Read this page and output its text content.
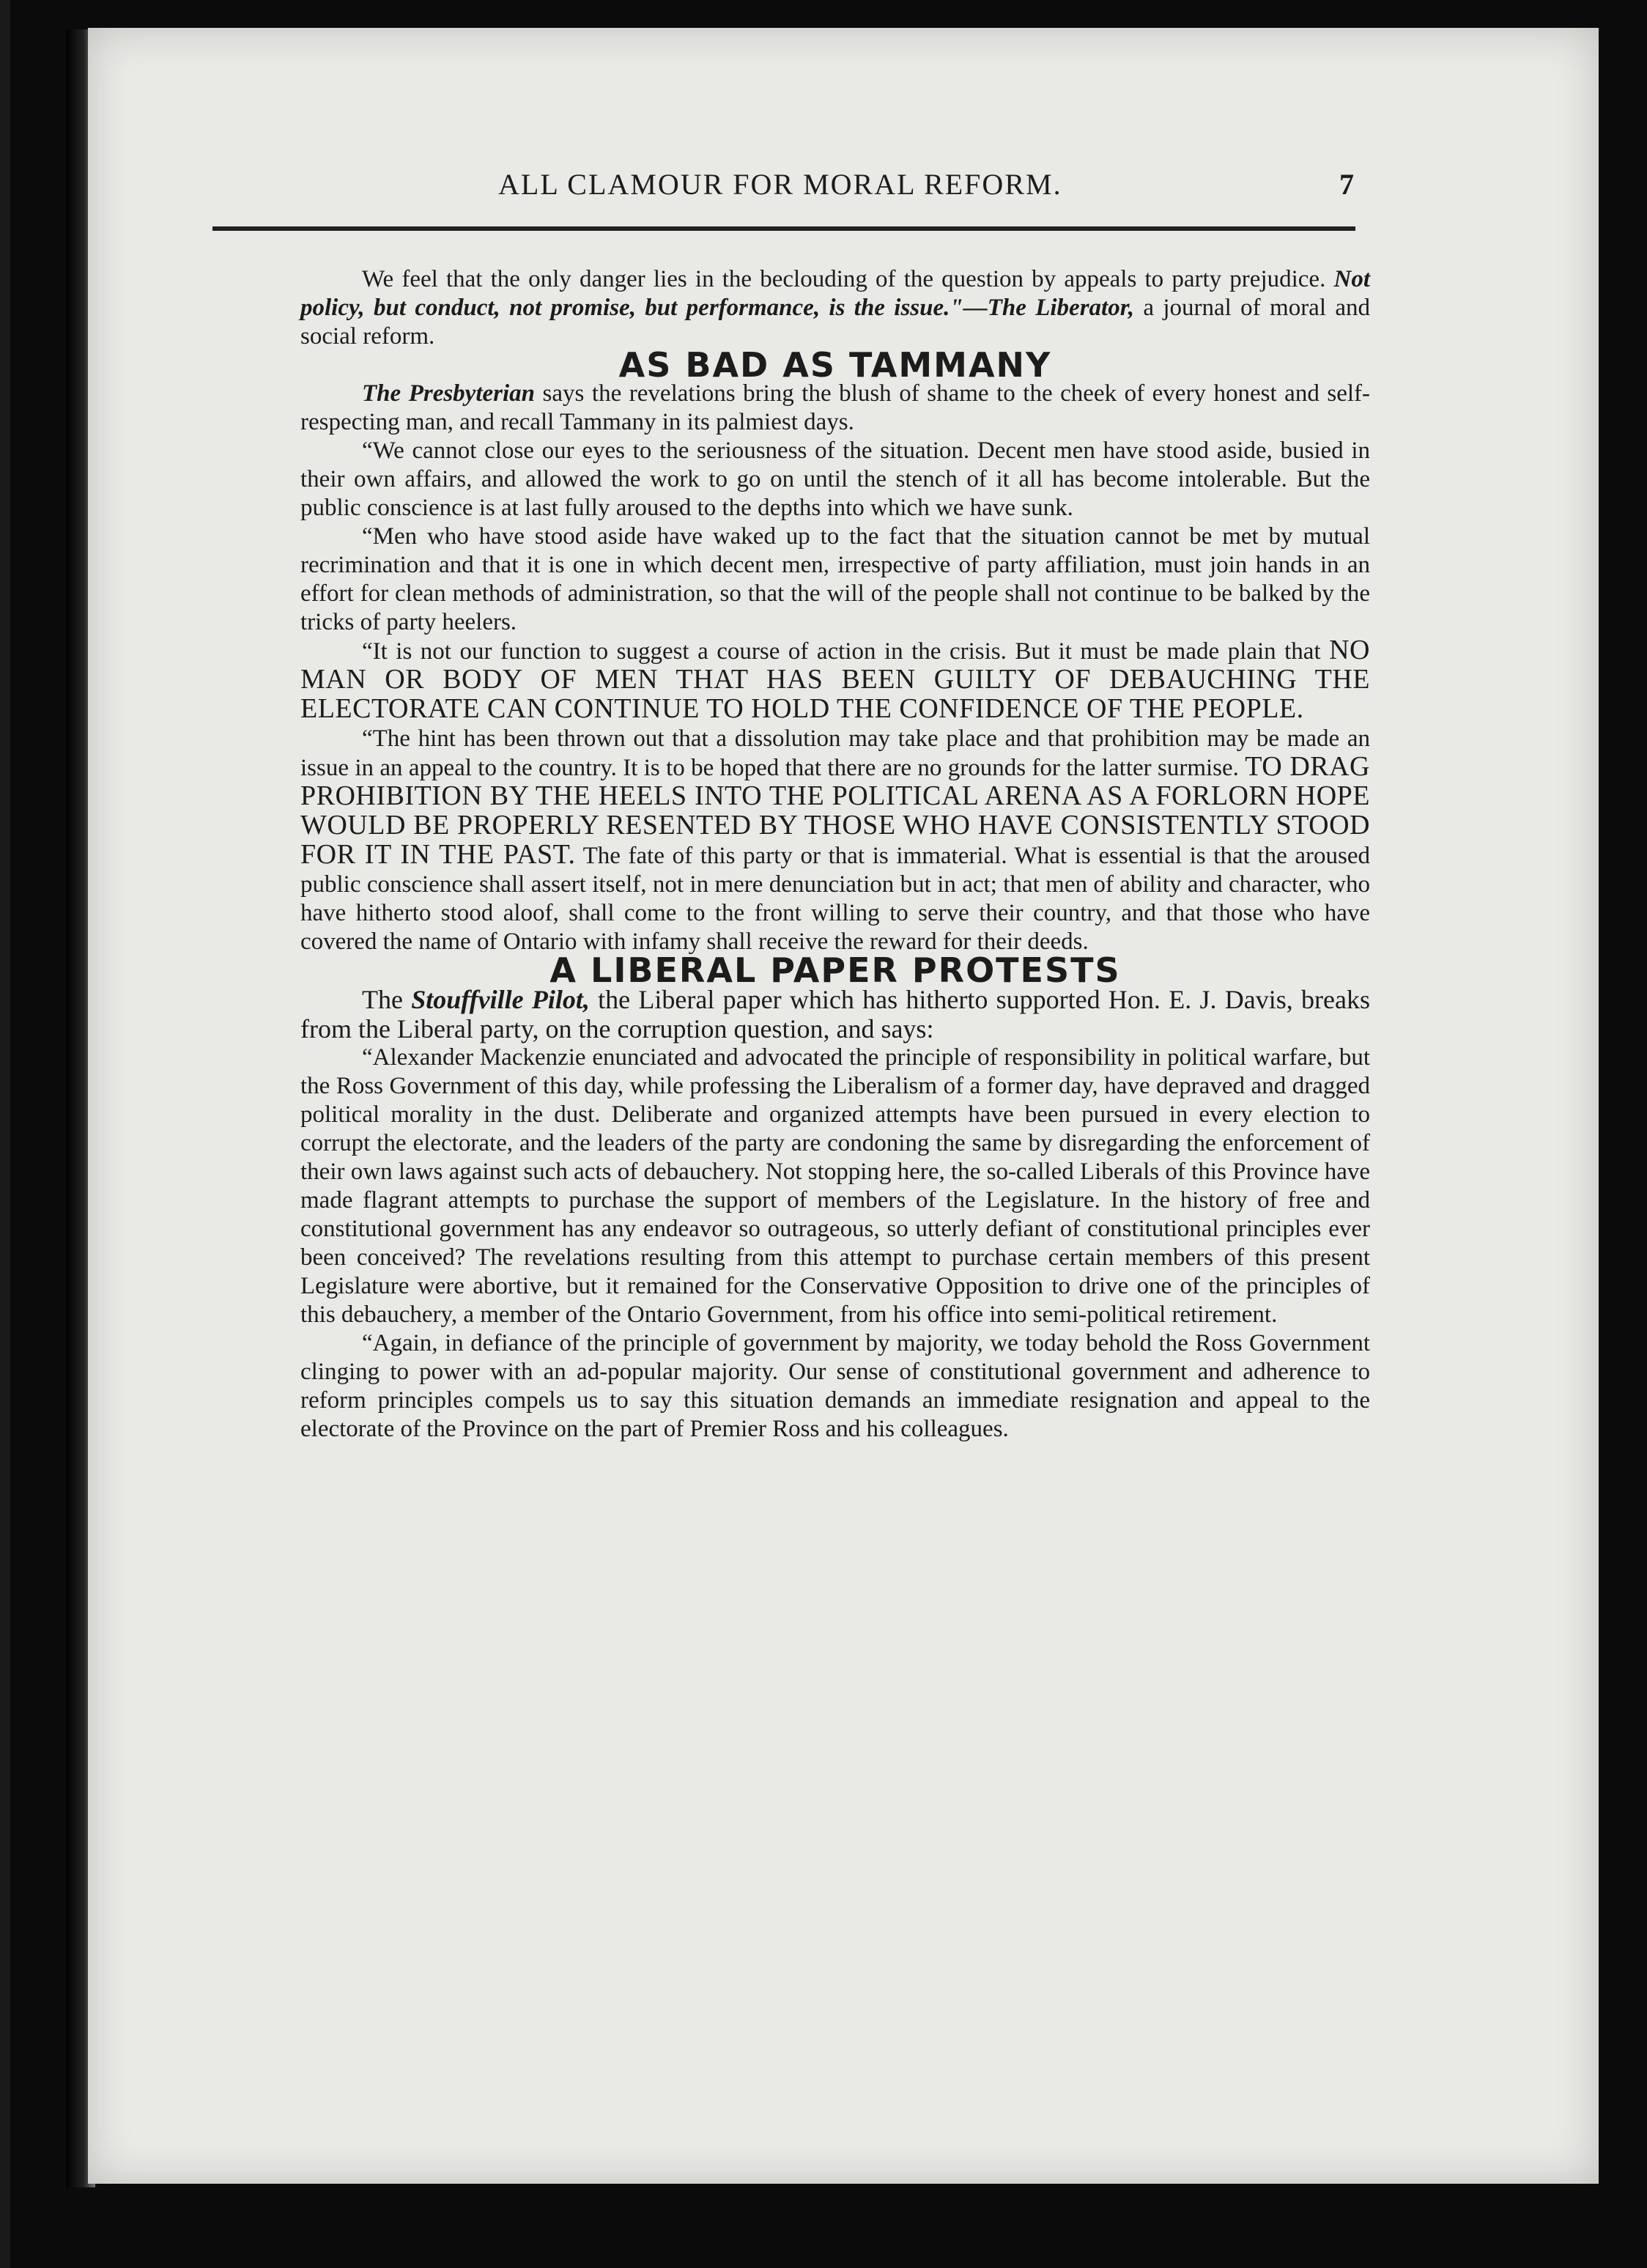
ALL CLAMOUR FOR MORAL REFORM.	7

We feel that the only danger lies in the beclouding of the question by appeals to party prejudice. Not policy, but conduct, not promise, but performance, is the issue."—The Liberator, a journal of moral and social reform.

AS BAD AS TAMMANY

The Presbyterian says the revelations bring the blush of shame to the cheek of every honest and self-respecting man, and recall Tammany in its palmiest days.

“We cannot close our eyes to the seriousness of the situation. Decent men have stood aside, busied in their own affairs, and allowed the work to go on until the stench of it all has become intolerable. But the public conscience is at last fully aroused to the depths into which we have sunk.

“Men who have stood aside have waked up to the fact that the situation cannot be met by mutual recrimination and that it is one in which decent men, irrespective of party affiliation, must join hands in an effort for clean methods of administration, so that the will of the people shall not continue to be balked by the tricks of party heelers.

“It is not our function to suggest a course of action in the crisis. But it must be made plain that NO MAN OR BODY OF MEN THAT HAS BEEN GUILTY OF DEBAUCHING THE ELECTORATE CAN CONTINUE TO HOLD THE CONFIDENCE OF THE PEOPLE.

“The hint has been thrown out that a dissolution may take place and that prohibition may be made an issue in an appeal to the country. It is to be hoped that there are no grounds for the latter surmise. TO DRAG PROHIBITION BY THE HEELS INTO THE POLITICAL ARENA AS A FORLORN HOPE WOULD BE PROPERLY RESENTED BY THOSE WHO HAVE CONSISTENTLY STOOD FOR IT IN THE PAST. The fate of this party or that is immaterial. What is essential is that the aroused public conscience shall assert itself, not in mere denunciation but in act; that men of ability and character, who have hitherto stood aloof, shall come to the front willing to serve their country, and that those who have covered the name of Ontario with infamy shall receive the reward for their deeds.

A LIBERAL PAPER PROTESTS

The Stouffville Pilot, the Liberal paper which has hitherto supported Hon. E. J. Davis, breaks from the Liberal party, on the corruption question, and says:

“Alexander Mackenzie enunciated and advocated the principle of responsibility in political warfare, but the Ross Government of this day, while professing the Liberalism of a former day, have depraved and dragged political morality in the dust. Deliberate and organized attempts have been pursued in every election to corrupt the electorate, and the leaders of the party are condoning the same by disregarding the enforcement of their own laws against such acts of debauchery. Not stopping here, the so-called Liberals of this Province have made flagrant attempts to purchase the support of members of the Legislature. In the history of free and constitutional government has any endeavor so outrageous, so utterly defiant of constitutional principles ever been conceived? The revelations resulting from this attempt to purchase certain members of this present Legislature were abortive, but it remained for the Conservative Opposition to drive one of the principles of this debauchery, a member of the Ontario Government, from his office into semi-political retirement.

“Again, in defiance of the principle of government by majority, we today behold the Ross Government clinging to power with an ad-popular majority. Our sense of constitutional government and adherence to reform principles compels us to say this situation demands an immediate resignation and appeal to the electorate of the Province on the part of Premier Ross and his colleagues.
